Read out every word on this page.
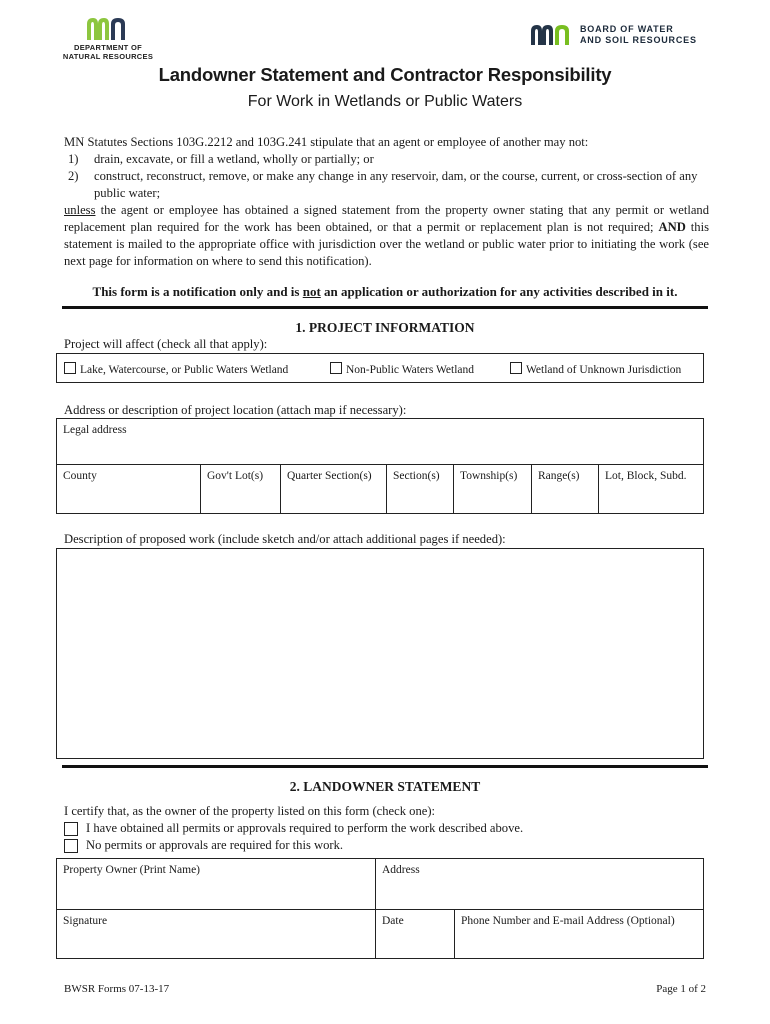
DEPARTMENT OF
NATURAL RESOURCES
BOARD OF WATER
AND SOIL RESOURCES
Landowner Statement and Contractor Responsibility
For Work in Wetlands or Public Waters
MN Statutes Sections 103G.2212 and 103G.241 stipulate that an agent or employee of another may not:
1)	drain, excavate, or fill a wetland, wholly or partially; or
2)	construct, reconstruct, remove, or make any change in any reservoir, dam, or the course, current, or cross-section of any public water;
unless the agent or employee has obtained a signed statement from the property owner stating that any permit or wetland replacement plan required for the work has been obtained, or that a permit or replacement plan is not required; AND this statement is mailed to the appropriate office with jurisdiction over the wetland or public water prior to initiating the work (see next page for information on where to send this notification).
This form is a notification only and is not an application or authorization for any activities described in it.
1. PROJECT INFORMATION
Project will affect (check all that apply):
Lake, Watercourse, or Public Waters Wetland	Non-Public Waters Wetland	Wetland of Unknown Jurisdiction
Address or description of project location (attach map if necessary):
Legal address
County	Gov't Lot(s)	Quarter Section(s)	Section(s)	Township(s)	Range(s)	Lot, Block, Subd.
Description of proposed work (include sketch and/or attach additional pages if needed):
2. LANDOWNER STATEMENT
I certify that, as the owner of the property listed on this form (check one):
I have obtained all permits or approvals required to perform the work described above.
No permits or approvals are required for this work.
Property Owner (Print Name)	Address
Signature	Date	Phone Number and E-mail Address (Optional)
BWSR Forms 07-13-17	Page 1 of 2
